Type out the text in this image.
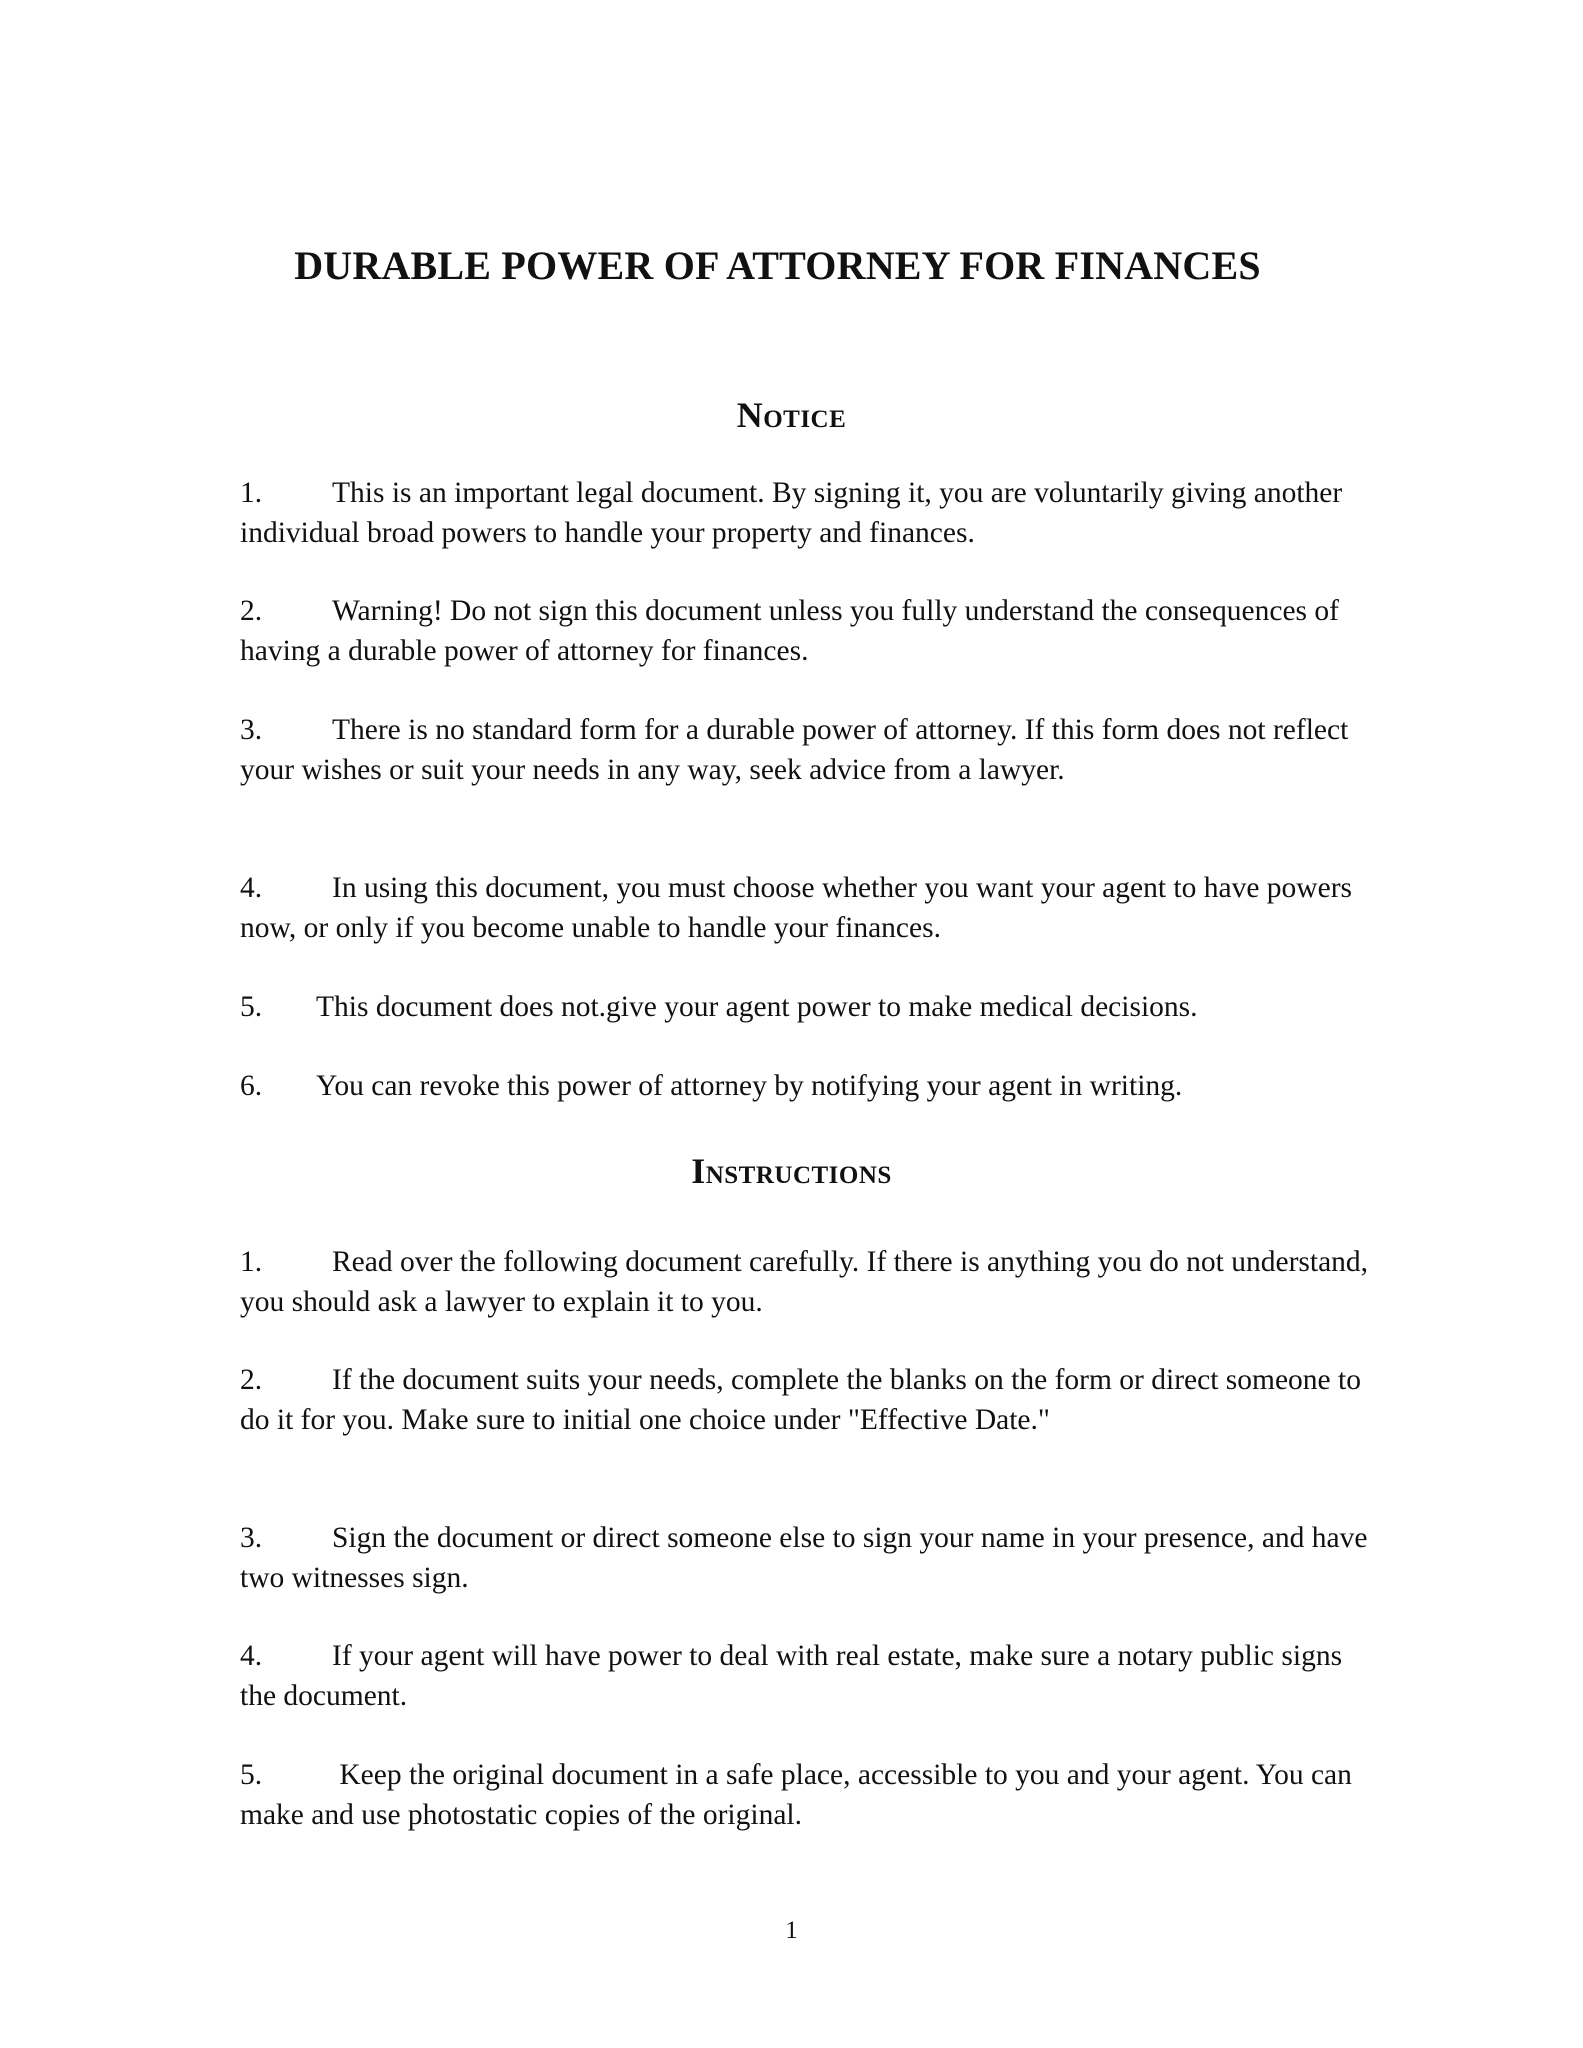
DURABLE POWER OF ATTORNEY FOR FINANCES
Notice

1. This is an important legal document. By signing it, you are voluntarily giving another individual broad powers to handle your property and finances.

2. Warning! Do not sign this document unless you fully understand the consequences of having a durable power of attorney for finances.

3. There is no standard form for a durable power of attorney. If this form does not reflect your wishes or suit your needs in any way, seek advice from a lawyer.

4. In using this document, you must choose whether you want your agent to have powers now, or only if you become unable to handle your finances.

5. This document does not.give your agent power to make medical decisions.

6. You can revoke this power of attorney by notifying your agent in writing.

Instructions

1. Read over the following document carefully. If there is anything you do not understand, you should ask a lawyer to explain it to you.

2. If the document suits your needs, complete the blanks on the form or direct someone to do it for you. Make sure to initial one choice under "Effective Date."

3. Sign the document or direct someone else to sign your name in your presence, and have two witnesses sign.

4. If your agent will have power to deal with real estate, make sure a notary public signs the document.

5. Keep the original document in a safe place, accessible to you and your agent. You can make and use photostatic copies of the original.

1
